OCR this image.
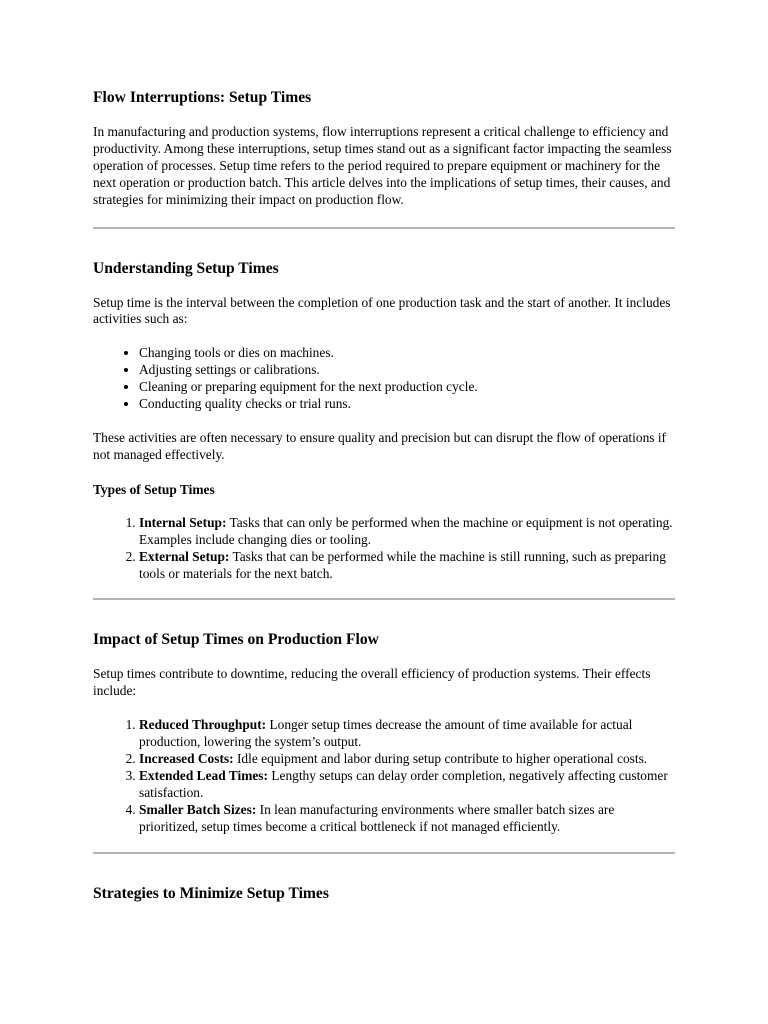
Flow Interruptions: Setup Times

In manufacturing and production systems, flow interruptions represent a critical challenge to efficiency and productivity. Among these interruptions, setup times stand out as a significant factor impacting the seamless operation of processes. Setup time refers to the period required to prepare equipment or machinery for the next operation or production batch. This article delves into the implications of setup times, their causes, and strategies for minimizing their impact on production flow.

Understanding Setup Times

Setup time is the interval between the completion of one production task and the start of another. It includes activities such as:

• Changing tools or dies on machines.
• Adjusting settings or calibrations.
• Cleaning or preparing equipment for the next production cycle.
• Conducting quality checks or trial runs.

These activities are often necessary to ensure quality and precision but can disrupt the flow of operations if not managed effectively.

Types of Setup Times
1. Internal Setup: Tasks that can only be performed when the machine or equipment is not operating. Examples include changing dies or tooling.
2. External Setup: Tasks that can be performed while the machine is still running, such as preparing tools or materials for the next batch.
Impact of Setup Times on Production Flow

Setup times contribute to downtime, reducing the overall efficiency of production systems. Their effects include:

1. Reduced Throughput: Longer setup times decrease the amount of time available for actual production, lowering the system’s output.
2. Increased Costs: Idle equipment and labor during setup contribute to higher operational costs.
3. Extended Lead Times: Lengthy setups can delay order completion, negatively affecting customer satisfaction.
4. Smaller Batch Sizes: In lean manufacturing environments where smaller batch sizes are prioritized, setup times become a critical bottleneck if not managed efficiently.
Strategies to Minimize Setup Times
